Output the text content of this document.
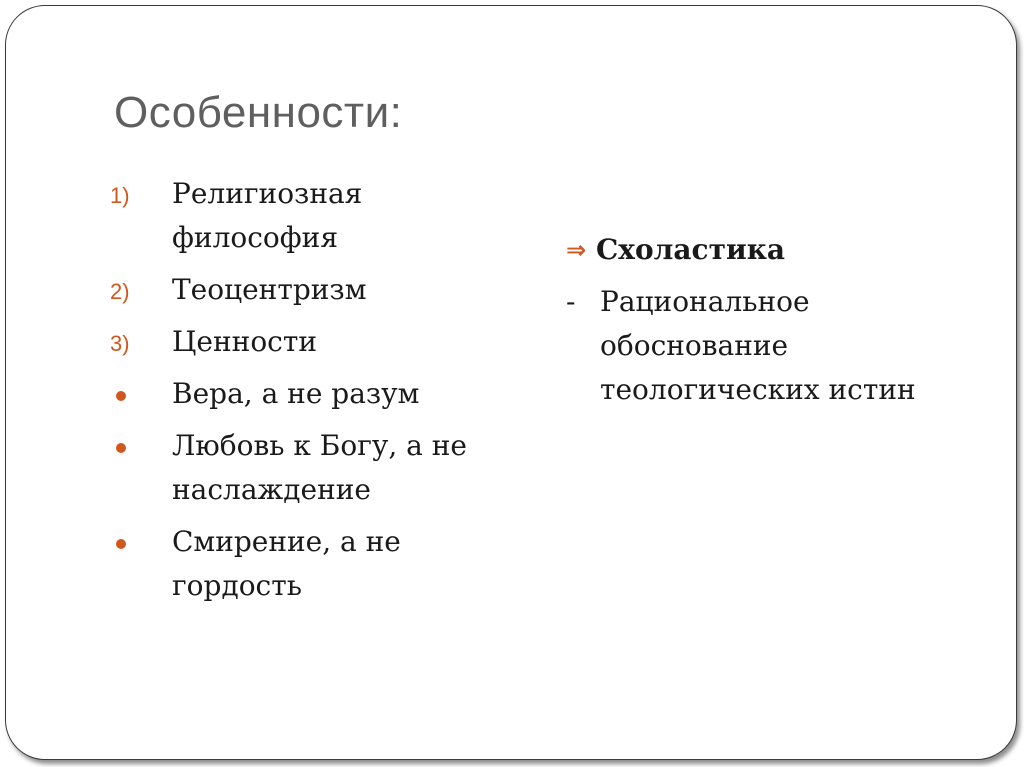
Особенности:
1)	Религиозная философия
2)	Теоцентризм
3)	Ценности
Вера, а не разум
Любовь к Богу, а не наслаждение
Смирение, а не гордость
⇒ Схоластика
- Рациональное обоснование теологических истин
